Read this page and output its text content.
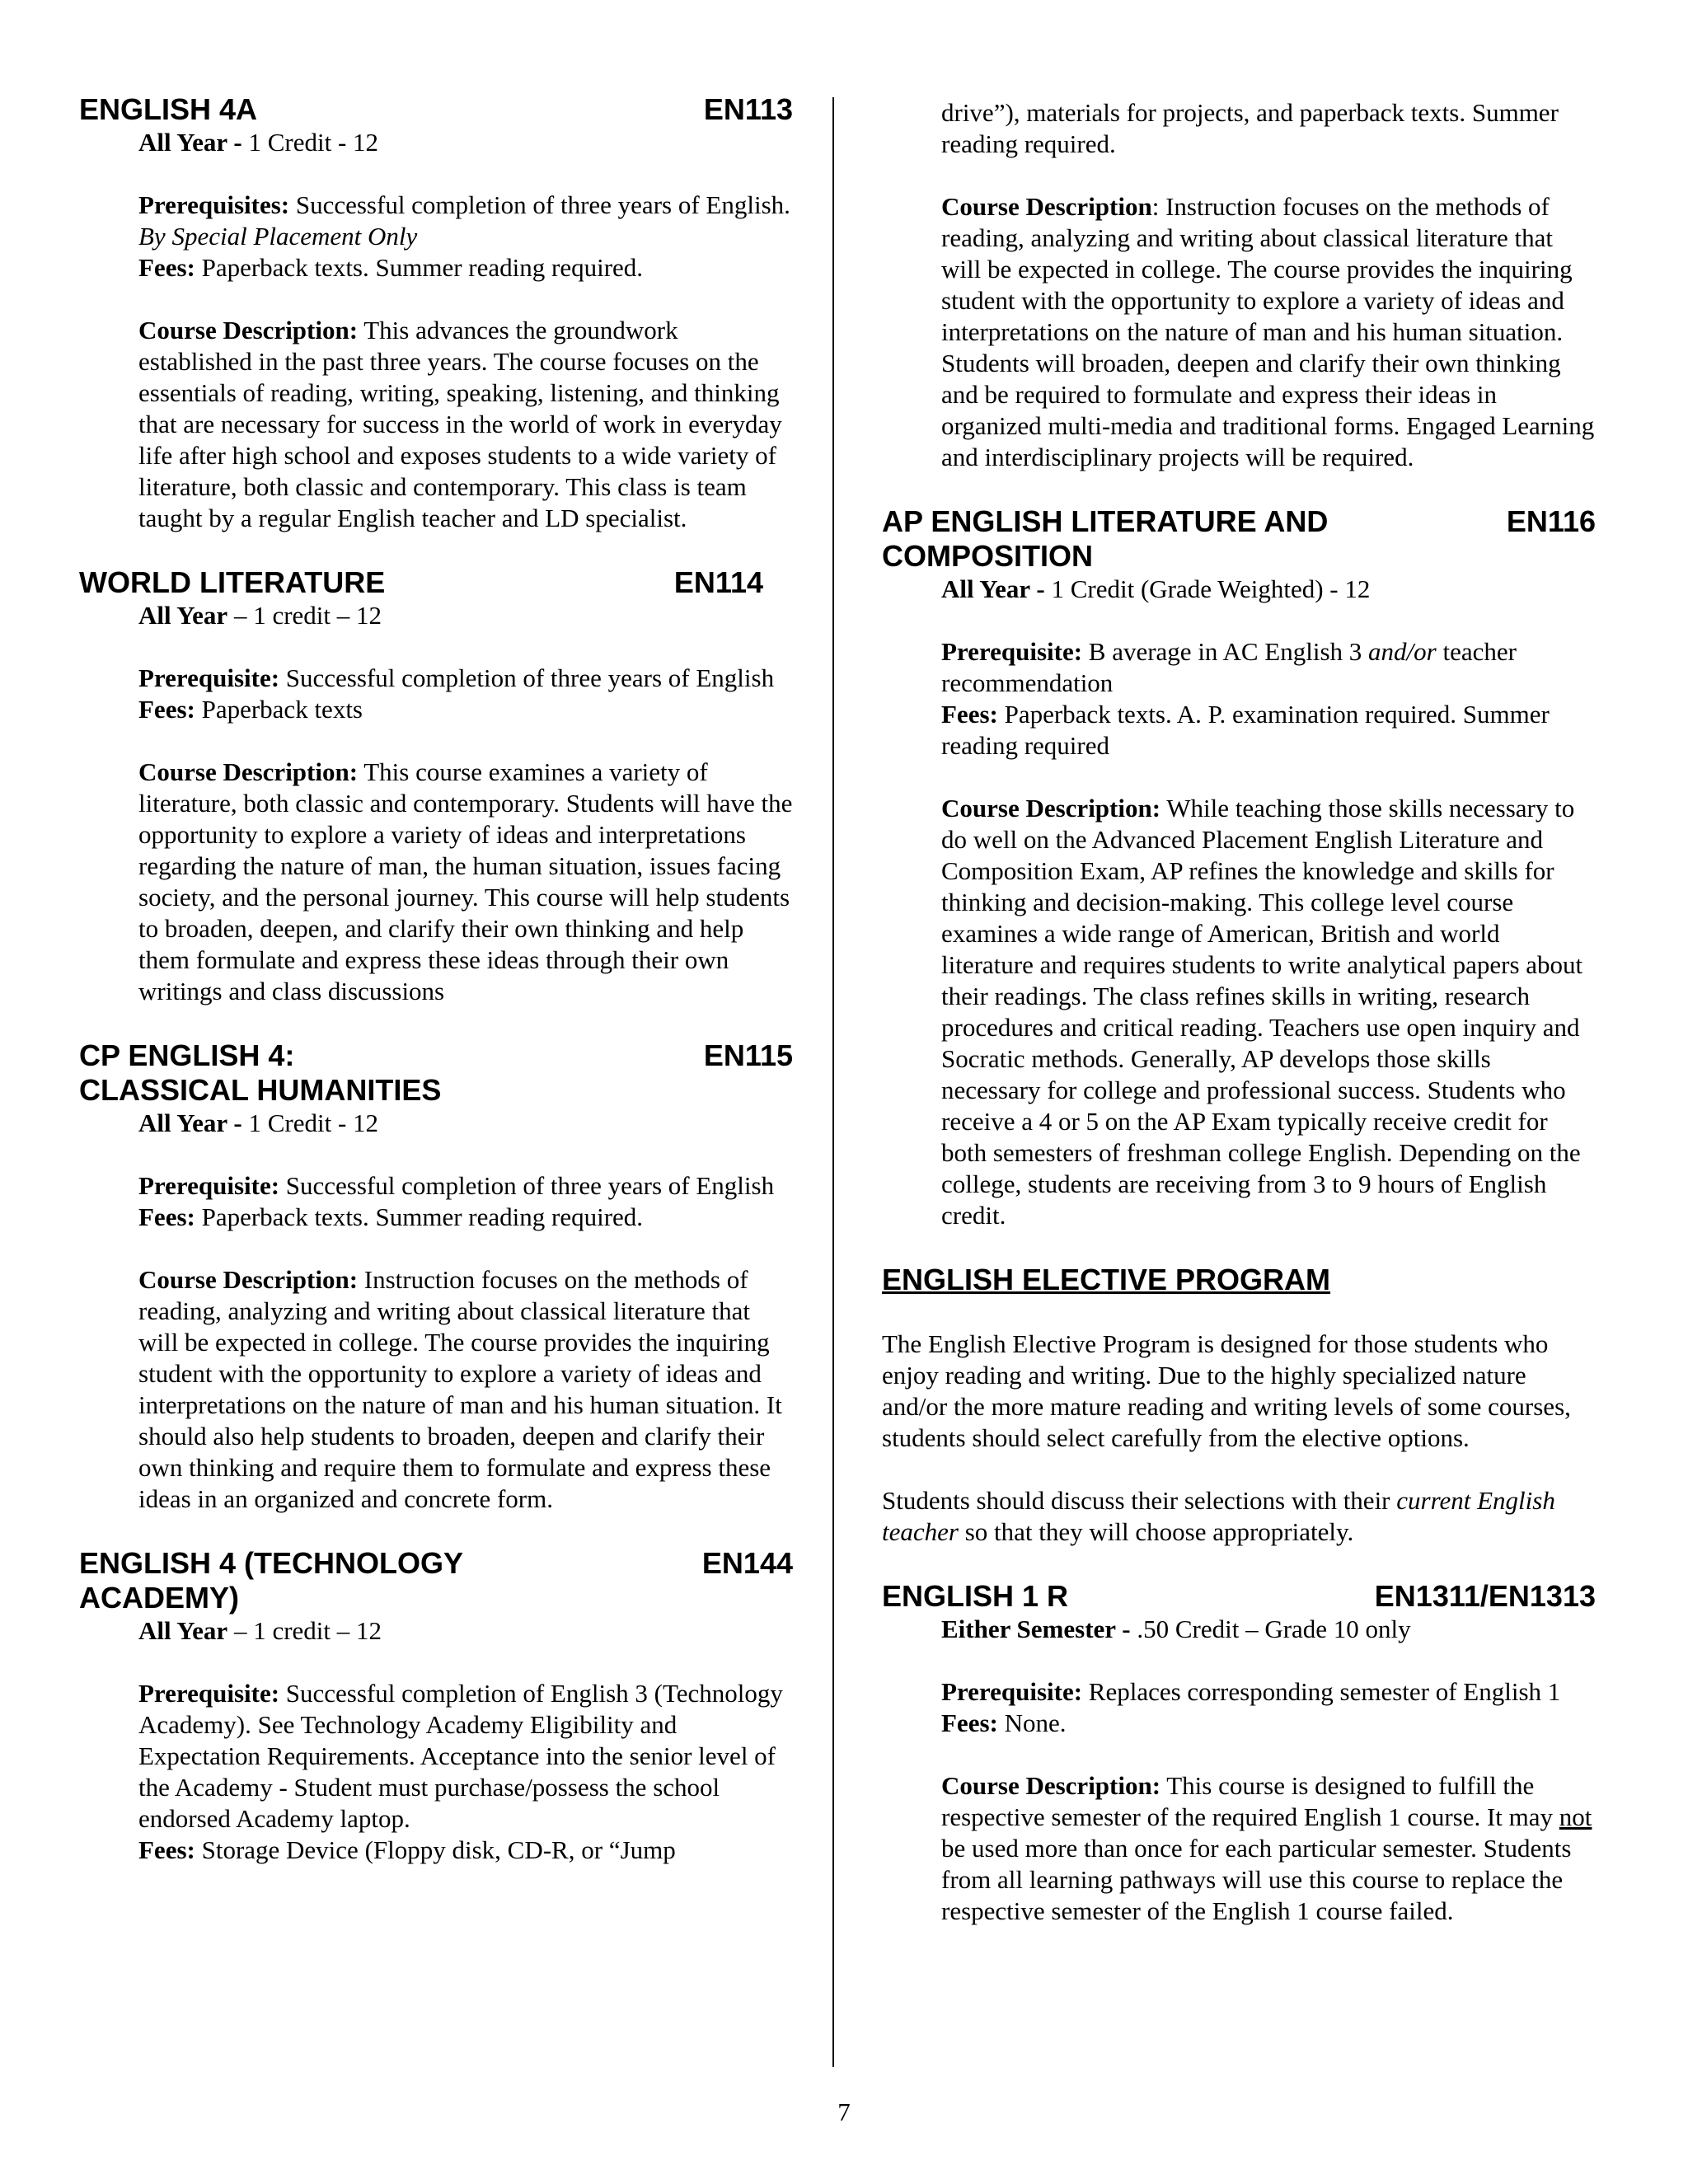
ENGLISH 4A	EN113
All Year - 1 Credit - 12
Prerequisites: Successful completion of three years of English. By Special Placement Only
Fees: Paperback texts. Summer reading required.
Course Description: This advances the groundwork established in the past three years. The course focuses on the essentials of reading, writing, speaking, listening, and thinking that are necessary for success in the world of work in everyday life after high school and exposes students to a wide variety of literature, both classic and contemporary. This class is team taught by a regular English teacher and LD specialist.
WORLD LITERATURE	EN114
All Year – 1 credit – 12
Prerequisite: Successful completion of three years of English
Fees: Paperback texts
Course Description: This course examines a variety of literature, both classic and contemporary. Students will have the opportunity to explore a variety of ideas and interpretations regarding the nature of man, the human situation, issues facing society, and the personal journey. This course will help students to broaden, deepen, and clarify their own thinking and help them formulate and express these ideas through their own writings and class discussions
CP ENGLISH 4:
CLASSICAL HUMANITIES
EN115
All Year - 1 Credit - 12
Prerequisite: Successful completion of three years of English
Fees: Paperback texts. Summer reading required.
Course Description: Instruction focuses on the methods of reading, analyzing and writing about classical literature that will be expected in college. The course provides the inquiring student with the opportunity to explore a variety of ideas and interpretations on the nature of man and his human situation. It should also help students to broaden, deepen and clarify their own thinking and require them to formulate and express these ideas in an organized and concrete form.
ENGLISH 4 (TECHNOLOGY ACADEMY)
EN144
All Year – 1 credit – 12
Prerequisite: Successful completion of English 3 (Technology Academy). See Technology Academy Eligibility and Expectation Requirements. Acceptance into the senior level of the Academy - Student must purchase/possess the school endorsed Academy laptop.
Fees: Storage Device (Floppy disk, CD-R, or “Jump
drive”), materials for projects, and paperback texts. Summer reading required.
Course Description: Instruction focuses on the methods of reading, analyzing and writing about classical literature that will be expected in college. The course provides the inquiring student with the opportunity to explore a variety of ideas and interpretations on the nature of man and his human situation. Students will broaden, deepen and clarify their own thinking and be required to formulate and express their ideas in organized multi-media and traditional forms. Engaged Learning and interdisciplinary projects will be required.
AP ENGLISH LITERATURE AND
COMPOSITION
EN116
All Year - 1 Credit (Grade Weighted) - 12
Prerequisite: B average in AC English 3 and/or teacher recommendation
Fees: Paperback texts. A. P. examination required. Summer reading required
Course Description: While teaching those skills necessary to do well on the Advanced Placement English Literature and Composition Exam, AP refines the knowledge and skills for thinking and decision-making. This college level course examines a wide range of American, British and world literature and requires students to write analytical papers about their readings. The class refines skills in writing, research procedures and critical reading. Teachers use open inquiry and Socratic methods. Generally, AP develops those skills necessary for college and professional success. Students who receive a 4 or 5 on the AP Exam typically receive credit for both semesters of freshman college English. Depending on the college, students are receiving from 3 to 9 hours of English credit.
ENGLISH ELECTIVE PROGRAM
The English Elective Program is designed for those students who enjoy reading and writing. Due to the highly specialized nature and/or the more mature reading and writing levels of some courses, students should select carefully from the elective options.
Students should discuss their selections with their current English teacher so that they will choose appropriately.
ENGLISH 1 R	EN1311/EN1313
Either Semester - .50 Credit – Grade 10 only
Prerequisite: Replaces corresponding semester of English 1
Fees: None.
Course Description: This course is designed to fulfill the respective semester of the required English 1 course. It may not be used more than once for each particular semester. Students from all learning pathways will use this course to replace the respective semester of the English 1 course failed.
7
